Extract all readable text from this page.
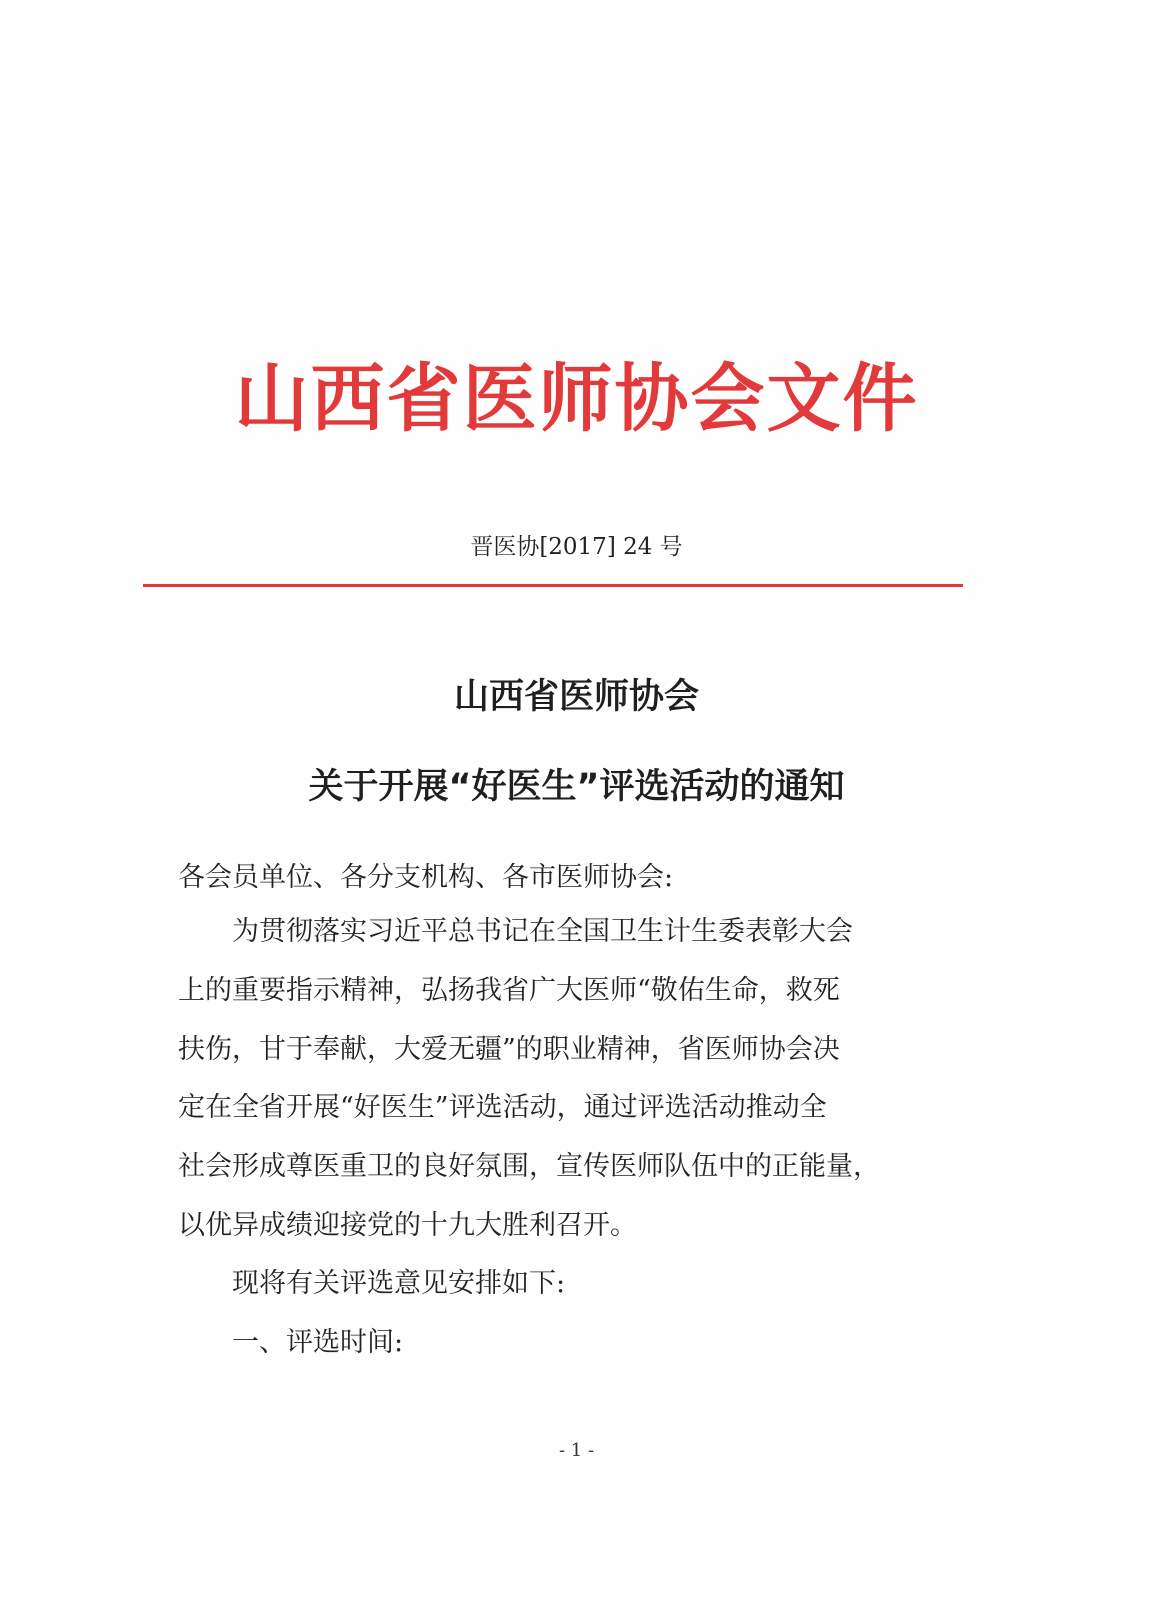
山西省医师协会文件
晋医协[2017] 24 号
山西省医师协会
关于开展“好医生”评选活动的通知
各会员单位、各分支机构、各市医师协会:
为贯彻落实习近平总书记在全国卫生计生委表彰大会
上的重要指示精神，弘扬我省广大医师“敬佑生命，救死
扶伤，甘于奉献，大爱无疆”的职业精神，省医师协会决
定在全省开展“好医生”评选活动，通过评选活动推动全
社会形成尊医重卫的良好氛围，宣传医师队伍中的正能量，
以优异成绩迎接党的十九大胜利召开。
现将有关评选意见安排如下:
一、评选时间:
- 1 -
